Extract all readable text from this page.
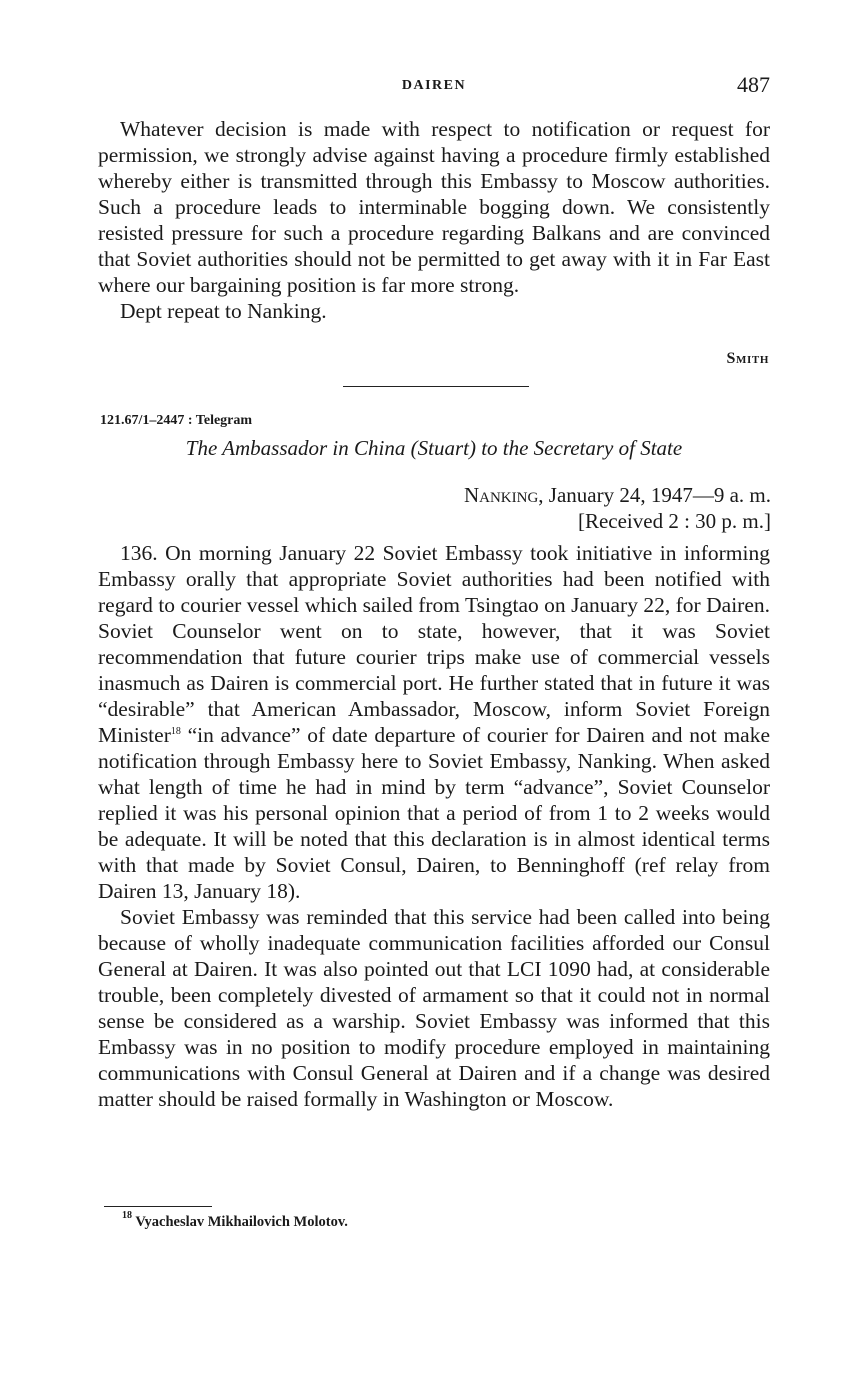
DAIREN	487

Whatever decision is made with respect to notification or request for permission, we strongly advise against having a procedure firmly established whereby either is transmitted through this Embassy to Moscow authorities. Such a procedure leads to interminable bogging down. We consistently resisted pressure for such a procedure regarding Balkans and are convinced that Soviet authorities should not be permitted to get away with it in Far East where our bargaining position is far more strong.

Dept repeat to Nanking.

Smith
121.67/1–2447 : Telegram
The Ambassador in China (Stuart) to the Secretary of State
Nanking, January 24, 1947—9 a. m.
[Received 2 : 30 p. m.]

136. On morning January 22 Soviet Embassy took initiative in informing Embassy orally that appropriate Soviet authorities had been notified with regard to courier vessel which sailed from Tsingtao on January 22, for Dairen. Soviet Counselor went on to state, however, that it was Soviet recommendation that future courier trips make use of commercial vessels inasmuch as Dairen is commercial port. He further stated that in future it was “desirable” that American Ambassador, Moscow, inform Soviet Foreign Minister$^{18}$ “in advance” of date departure of courier for Dairen and not make notification through Embassy here to Soviet Embassy, Nanking. When asked what length of time he had in mind by term “advance”, Soviet Counselor replied it was his personal opinion that a period of from 1 to 2 weeks would be adequate. It will be noted that this declaration is in almost identical terms with that made by Soviet Consul, Dairen, to Benninghoff (ref relay from Dairen 13, January 18).

Soviet Embassy was reminded that this service had been called into being because of wholly inadequate communication facilities afforded our Consul General at Dairen. It was also pointed out that LCI 1090 had, at considerable trouble, been completely divested of armament so that it could not in normal sense be considered as a warship. Soviet Embassy was informed that this Embassy was in no position to modify procedure employed in maintaining communications with Consul General at Dairen and if a change was desired matter should be raised formally in Washington or Moscow.

$^{18}$ Vyacheslav Mikhailovich Molotov.
